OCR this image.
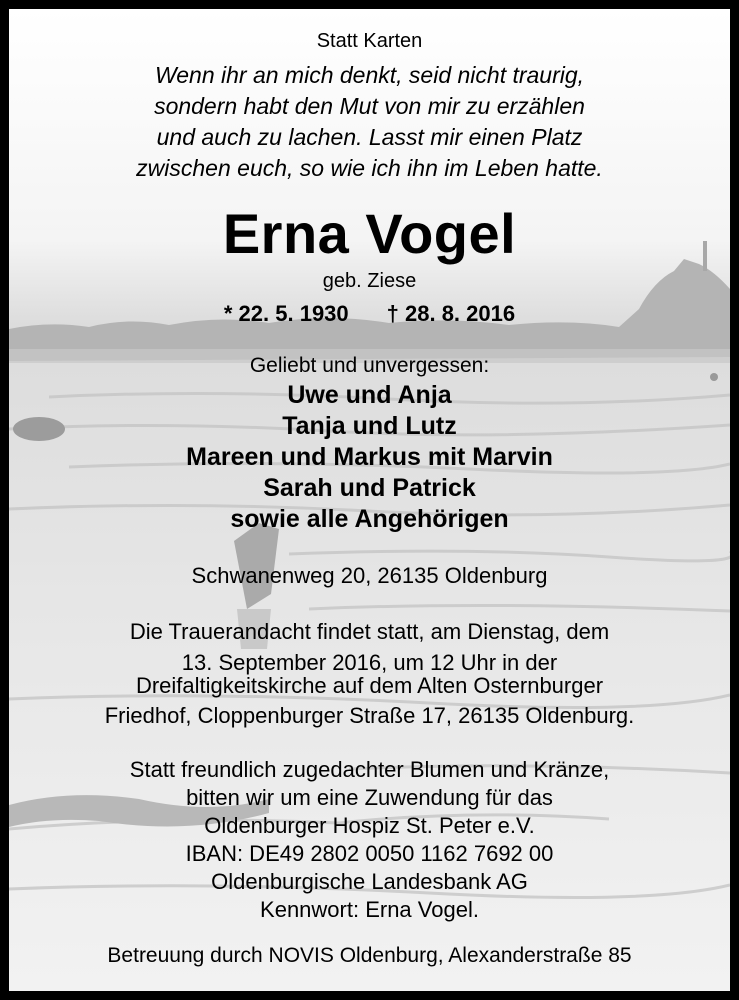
Statt Karten
Wenn ihr an mich denkt, seid nicht traurig,
sondern habt den Mut von mir zu erzählen
und auch zu lachen. Lasst mir einen Platz
zwischen euch, so wie ich ihn im Leben hatte.
Erna Vogel
geb. Ziese
* 22. 5. 1930 † 28. 8. 2016
Geliebt und unvergessen:
Uwe und Anja
Tanja und Lutz
Mareen und Markus mit Marvin
Sarah und Patrick
sowie alle Angehörigen
Schwanenweg 20, 26135 Oldenburg
Die Trauerandacht findet statt, am Dienstag, dem
13. September 2016, um 12 Uhr in der
Dreifaltigkeitskirche auf dem Alten Osternburger
Friedhof, Cloppenburger Straße 17, 26135 Oldenburg.
Statt freundlich zugedachter Blumen und Kränze,
bitten wir um eine Zuwendung für das
Oldenburger Hospiz St. Peter e.V.
IBAN: DE49 2802 0050 1162 7692 00
Oldenburgische Landesbank AG
Kennwort: Erna Vogel.
Betreuung durch NOVIS Oldenburg, Alexanderstraße 85
